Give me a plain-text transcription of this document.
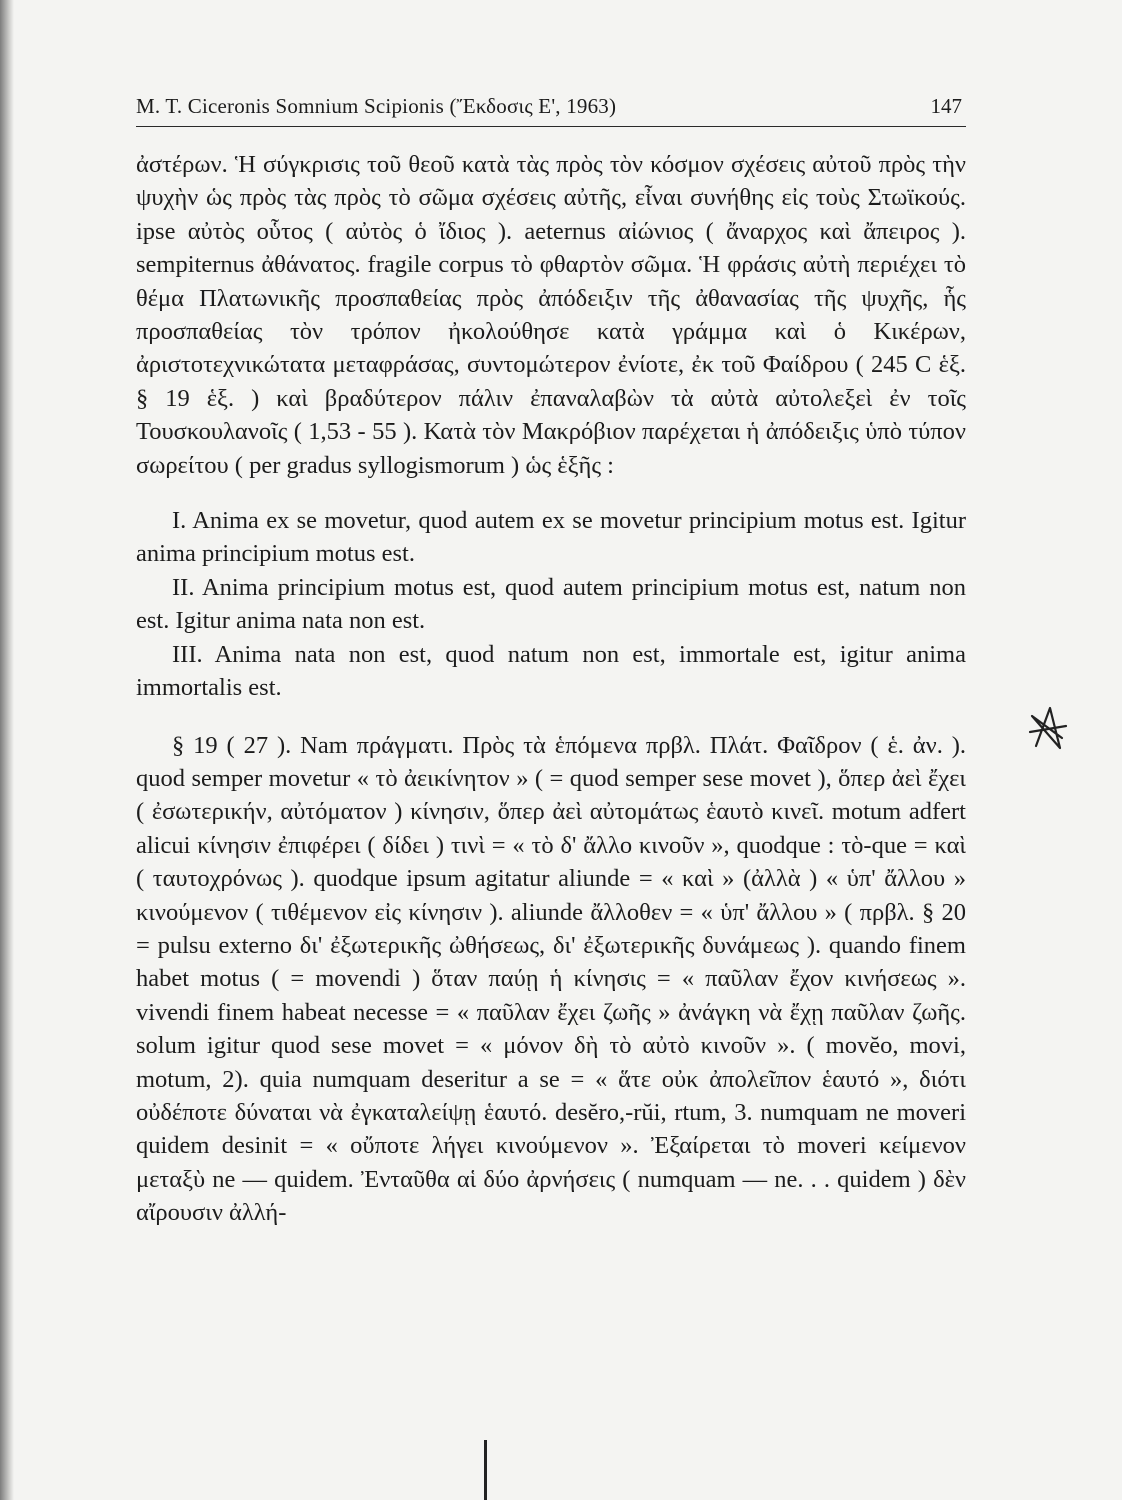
M. T. Ciceronis Somnium Scipionis (Ἔκδοσις Ε', 1963)	147

ἀστέρων. Ἡ σύγκρισις τοῦ θεοῦ κατὰ τὰς πρὸς τὸν κόσμον σχέσεις αὐτοῦ πρὸς τὴν ψυχὴν ὡς πρὸς τὰς πρὸς τὸ σῶμα σχέσεις αὐτῆς, εἶναι συνήθης εἰς τοὺς Στωϊκούς. ipse αὐτὸς οὗτος ( αὐτὸς ὁ ἴδιος ). aeternus αἰώνιος ( ἄναρχος καὶ ἄπειρος ). sempiternus ἀθάνατος. fragile corpus τὸ φθαρτὸν σῶμα. Ἡ φράσις αὐτὴ περιέχει τὸ θέμα Πλατωνικῆς προσπαθείας πρὸς ἀπόδειξιν τῆς ἀθανασίας τῆς ψυχῆς, ἧς προσπαθείας τὸν τρόπον ἠκολούθησε κατὰ γράμμα καὶ ὁ Κικέρων, ἀριστοτεχνικώτατα μεταφράσας, συντομώτερον ἐνίοτε, ἐκ τοῦ Φαίδρου ( 245 C ἑξ. § 19 ἑξ. ) καὶ βραδύτερον πάλιν ἐπαναλαβὼν τὰ αὐτὰ αὐτολεξεὶ ἐν τοῖς Τουσκουλανοῖς ( 1,53 - 55 ). Κατὰ τὸν Μακρόβιον παρέχεται ἡ ἀπόδειξις ὑπὸ τύπον σωρείτου ( per gradus syllogismorum ) ὡς ἑξῆς :

I. Anima ex se movetur, quod autem ex se movetur principium motus est. Igitur anima principium motus est.

II. Anima principium motus est, quod autem principium motus est, natum non est. Igitur anima nata non est.

III. Anima nata non est, quod natum non est, immortale est, igitur anima immortalis est.

§ 19 ( 27 ). Nam πράγματι. Πρὸς τὰ ἑπόμενα πρβλ. Πλάτ. Φαῖδρον ( ἑ. ἀν. ). quod semper movetur « τὸ ἀεικίνητον » ( = quod semper sese movet ), ὅπερ ἀεὶ ἔχει ( ἐσωτερικήν, αὐτόματον ) κίνησιν, ὅπερ ἀεὶ αὐτομάτως ἑαυτὸ κινεῖ. motum adfert alicui κίνησιν ἐπιφέρει ( δίδει ) τινὶ = « τὸ δ' ἄλλο κινοῦν », quodque : τὸ-que = καὶ ( ταυτοχρόνως ). quodque ipsum agitatur aliunde = « καὶ » (ἀλλὰ ) « ὑπ' ἄλλου » κινούμενον ( τιθέμενον εἰς κίνησιν ). aliunde ἄλλοθεν = « ὑπ' ἄλλου » ( πρβλ. § 20 = pulsu externo δι' ἐξωτερικῆς ὠθήσεως, δι' ἐξωτερικῆς δυνάμεως ). quando finem habet motus ( = movendi ) ὅταν παύῃ ἡ κίνησις = « παῦλαν ἔχον κινήσεως ». vivendi finem habeat necesse = « παῦλαν ἔχει ζωῆς » ἀνάγκη νὰ ἔχῃ παῦλαν ζωῆς. solum igitur quod sese movet = « μόνον δὴ τὸ αὐτὸ κινοῦν ». ( movĕo, movi, motum, 2). quia numquam deseritur a se = « ἅτε οὐκ ἀπολεῖπον ἑαυτό », διότι οὐδέποτε δύναται νὰ ἐγκαταλείψῃ ἑαυτό. desĕro,-rŭi, rtum, 3. numquam ne moveri quidem desinit = « οὔποτε λήγει κινούμενον ». Ἐξαίρεται τὸ moveri κείμενον μεταξὺ ne — quidem. Ἐνταῦθα αἱ δύο ἀρνήσεις ( numquam — ne. . . quidem ) δὲν αἴρουσιν ἀλλή-
